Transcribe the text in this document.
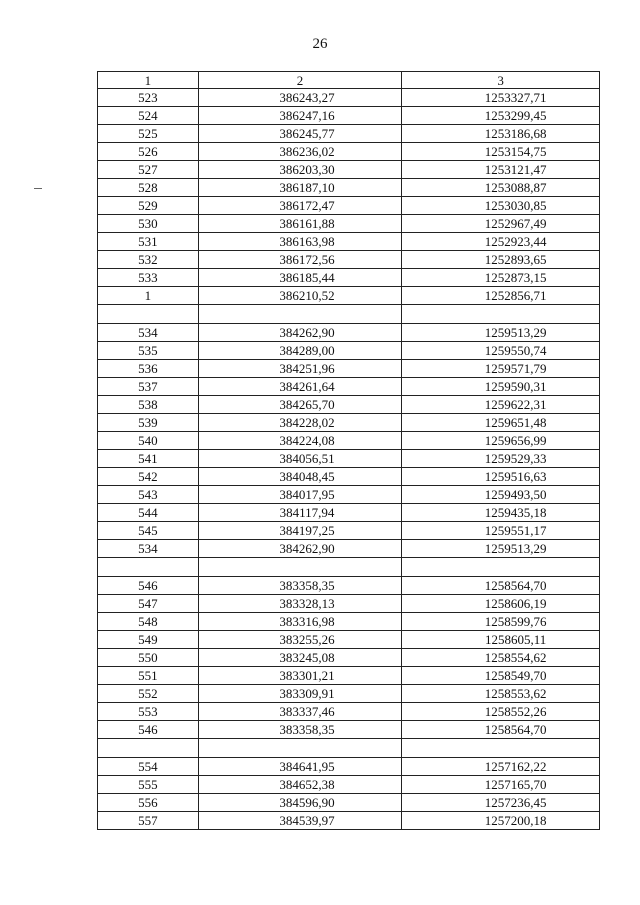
26
1	2	3
523	386243,27	1253327,71
524	386247,16	1253299,45
525	386245,77	1253186,68
526	386236,02	1253154,75
527	386203,30	1253121,47
528	386187,10	1253088,87
529	386172,47	1253030,85
530	386161,88	1252967,49
531	386163,98	1252923,44
532	386172,56	1252893,65
533	386185,44	1252873,15
1	386210,52	1252856,71

534	384262,90	1259513,29
535	384289,00	1259550,74
536	384251,96	1259571,79
537	384261,64	1259590,31
538	384265,70	1259622,31
539	384228,02	1259651,48
540	384224,08	1259656,99
541	384056,51	1259529,33
542	384048,45	1259516,63
543	384017,95	1259493,50
544	384117,94	1259435,18
545	384197,25	1259551,17
534	384262,90	1259513,29

546	383358,35	1258564,70
547	383328,13	1258606,19
548	383316,98	1258599,76
549	383255,26	1258605,11
550	383245,08	1258554,62
551	383301,21	1258549,70
552	383309,91	1258553,62
553	383337,46	1258552,26
546	383358,35	1258564,70

554	384641,95	1257162,22
555	384652,38	1257165,70
556	384596,90	1257236,45
557	384539,97	1257200,18
